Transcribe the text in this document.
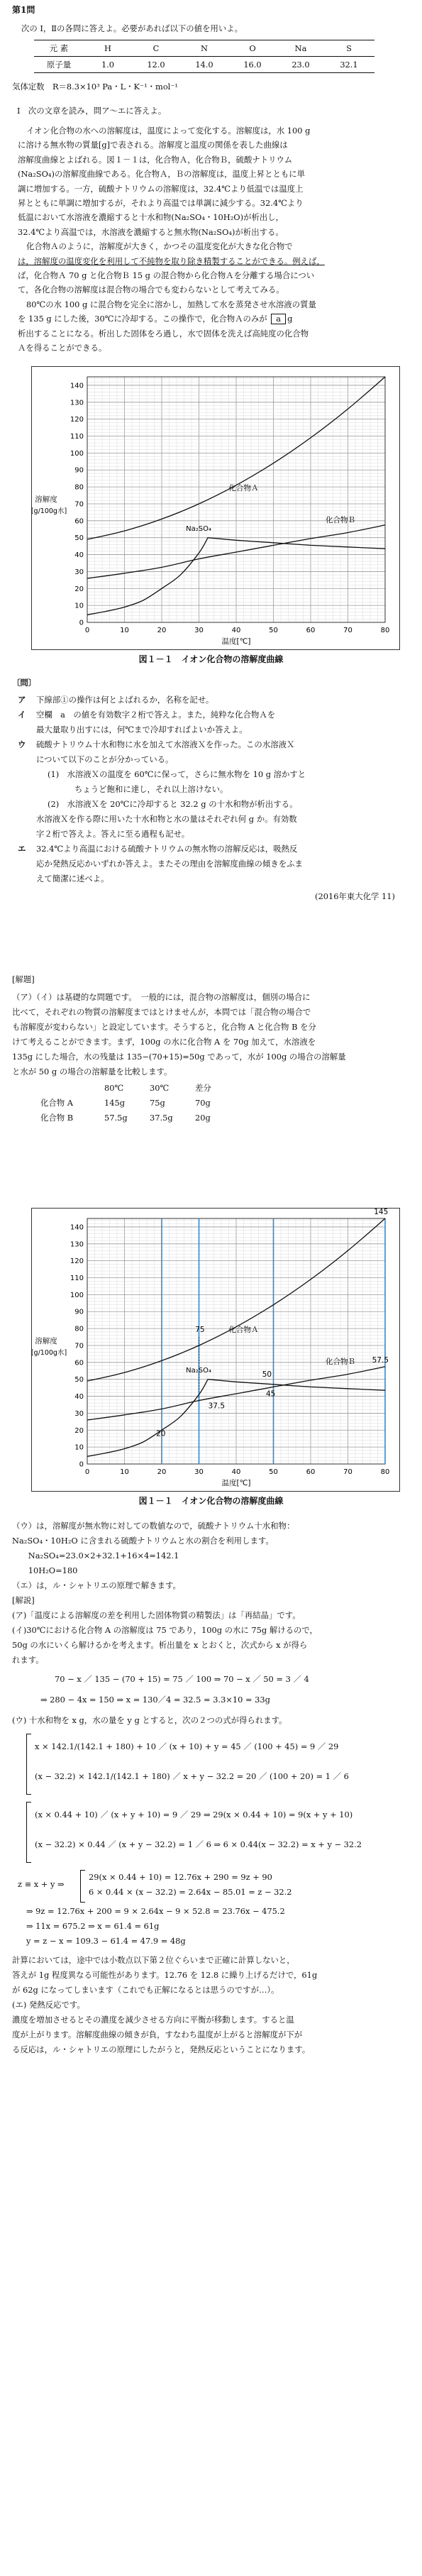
第1問
次の Ⅰ，Ⅱの各問に答えよ。必要があれば以下の値を用いよ。
元 素	H	C	N	O	Na	S
原子量	1.0	12.0	14.0	16.0	23.0	32.1
気体定数　R＝8.3×10³ Pa・L・K⁻¹・mol⁻¹
Ⅰ　次の文章を読み，問ア〜エに答えよ。
イオン化合物の水への溶解度は，温度によって変化する。溶解度は，水 100 g
に溶ける無水物の質量[g]で表される。溶解度と温度の関係を表した曲線は
溶解度曲線とよばれる。図１－１は，化合物Ａ，化合物Ｂ，硫酸ナトリウム
(Na₂SO₄)の溶解度曲線である。化合物Ａ，Ｂの溶解度は，温度上昇とともに単
調に増加する。一方，硫酸ナトリウムの溶解度は，32.4℃より低温では温度上
昇とともに単調に増加するが，それより高温では単調に減少する。32.4℃より
低温において水溶液を濃縮すると十水和物(Na₂SO₄・10H₂O)が析出し，
32.4℃より高温では，水溶液を濃縮すると無水物(Na₂SO₄)が析出する。
化合物Ａのように，溶解度が大きく，かつその温度変化が大きな化合物で
は，溶解度の温度変化を利用して不純物を取り除き精製することができる。例えば，
ば，化合物Ａ 70 g と化合物Ｂ 15 g の混合物から化合物Ａを分離する場合につい
て，各化合物の溶解度は混合物の場合でも変わらないとして考えてみる。
80℃の水 100 g に混合物を完全に溶かし，加熱して水を蒸発させ水溶液の質量
を 135 g にした後，30℃に冷却する。この操作で，化合物Ａのみが a g
析出することになる。析出した固体をろ過し，水で固体を洗えば高純度の化合物
Ａを得ることができる。
0	10	20	30	40	50	60	70	80
0
10
20
30
40
50
60
70
80
90
100
110
120
130
140
温度[℃]
溶解度
[g/100g水]
化合物Ａ
化合物Ｂ
Na₂SO₄
図１－１　イオン化合物の溶解度曲線
〔問〕
ア 下線部①の操作は何とよばれるか，名称を記せ。
イ 空欄　a　の値を有効数字２桁で答えよ。また，純粋な化合物Ａを
最大量取り出すには，何℃まで冷却すればよいか答えよ。
ウ 硫酸ナトリウム十水和物に水を加えて水溶液Ｘを作った。この水溶液Ｘ
について以下のことが分かっている。
(1)　水溶液Ｘの温度を 60℃に保って，さらに無水物を 10 g 溶かすと
ちょうど飽和に達し，それ以上溶けない。
(2)　水溶液Ｘを 20℃に冷却すると 32.2 g の十水和物が析出する。
水溶液Ｘを作る際に用いた十水和物と水の量はそれぞれ何 g か。有効数
字２桁で答えよ。答えに至る過程も記せ。
エ 32.4℃より高温における硫酸ナトリウムの無水物の溶解反応は，吸熱反
応か発熱反応かいずれか答えよ。またその理由を溶解度曲線の傾きをふま
えて簡潔に述べよ。
(2016年東大化学 11)
[解題]
（ア）（イ）は基礎的な問題です。　一般的には，混合物の溶解度は，個別の場合に
比べて，それぞれの物質の溶解度まではとけませんが，本問では「混合物の場合で
も溶解度が変わらない」と設定しています。そうすると，化合物 A と化合物 B を分
けて考えることができます。まず，100g の水に化合物 A を 70g 加えて，水溶液を
135g にした場合，水の残量は 135−(70+15)=50g であって，水が 100g の場合の溶解量
と水が 50 g の場合の溶解量を比較します。
80℃	30℃	差分
化合物 A	145g	75g	70g
化合物 B	57.5g	37.5g	20g
0	10	20	30	40	50	60	70	80
0
10
20
30
40
50
60
70
80
90
100
110
120
130
140
温度[℃]
溶解度
[g/100g水]
化合物Ａ
化合物Ｂ
Na₂SO₄
145
75
57.5
50
45
37.5
20
図１－１　イオン化合物の溶解度曲線
（ウ）は，溶解度が無水物に対しての数値なので，硫酸ナトリウム十水和物：
Na₂SO₄・10H₂O に含まれる硫酸ナトリウムと水の割合を利用します。
　　Na₂SO₄=23.0×2+32.1+16×4=142.1
　　10H₂O=180
（エ）は，ル・シャトリエの原理で解きます。
[解説]
(ア)「温度による溶解度の差を利用した固体物質の精製法」は「再結晶」です。
(イ)30℃における化合物 A の溶解度は 75 であり，100g の水に 75g 解けるので，
50g の水にいくら解けるかを考えます。析出量を x とおくと，次式から x が得ら
れます。
70 − x ／ 135 − (70 + 15) = 75 ／ 100 ⇒ 70 − x ／ 50 = 3 ／ 4
⇒ 280 − 4x = 150 ⇒ x = 130／4 = 32.5 = 3.3×10 = 33g
(ウ) 十水和物を x g，水の量を y g とすると，次の２つの式が得られます。
x × 142.1/(142.1 + 180) + 10 ／ (x + 10) + y = 45 ／ (100 + 45) = 9 ／ 29
(x − 32.2) × 142.1/(142.1 + 180) ／ x + y − 32.2 = 20 ／ (100 + 20) = 1 ／ 6
(x × 0.44 + 10) ／ (x + y + 10) = 9 ／ 29 ⇒ 29(x × 0.44 + 10) = 9(x + y + 10)
(x − 32.2) × 0.44 ／ (x + y − 32.2) = 1 ／ 6 ⇒ 6 × 0.44(x − 32.2) = x + y − 32.2
z ≡ x + y ⇒
29(x × 0.44 + 10) = 12.76x + 290 = 9z + 90
6 × 0.44 × (x − 32.2) = 2.64x − 85.01 = z − 32.2
⇒ 9z = 12.76x + 200 = 9 × 2.64x − 9 × 52.8 = 23.76x − 475.2
⇒ 11x = 675.2 ⇒ x = 61.4 = 61g
y = z − x = 109.3 − 61.4 = 47.9 = 48g
計算においては，途中では小数点以下第２位ぐらいまで正確に計算しないと，
答えが 1g 程度異なる可能性があります。12.76 を 12.8 に繰り上げるだけで，61g
が 62g になってしまいます（これでも正解になるとは思うのですが…）。
(エ) 発熱反応です。
濃度を増加させるとその濃度を減少させる方向に平衡が移動します。すると温
度が上がります。溶解度曲線の傾きが負，すなわち温度が上がると溶解度が下が
る反応は，ル・シャトリエの原理にしたがうと，発熱反応ということになります。
